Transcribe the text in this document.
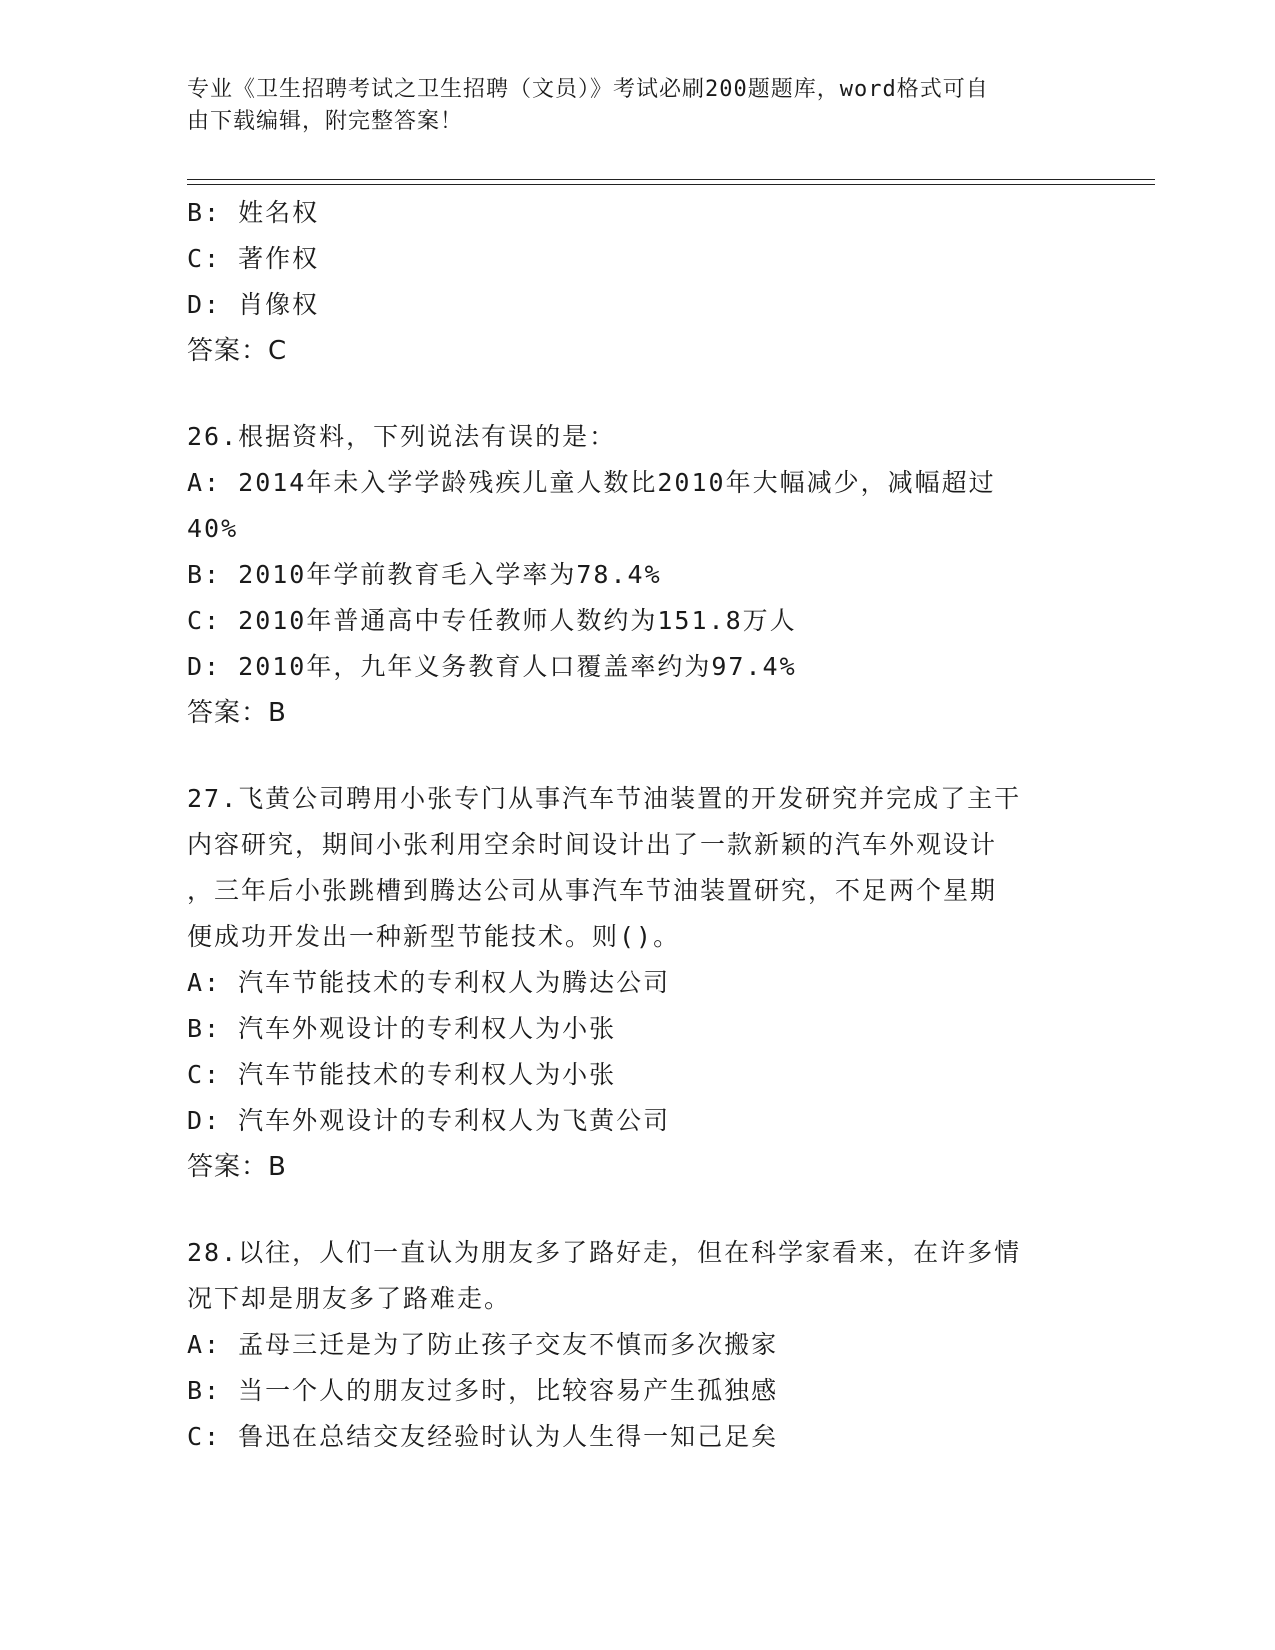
专业《卫生招聘考试之卫生招聘（文员）》考试必刷200题题库，word格式可自
由下载编辑，附完整答案！
B: 姓名权
C: 著作权
D: 肖像权
答案：C
26.根据资料，下列说法有误的是：
A: 2014年未入学学龄残疾儿童人数比2010年大幅减少，减幅超过
40%
B: 2010年学前教育毛入学率为78.4%
C: 2010年普通高中专任教师人数约为151.8万人
D: 2010年，九年义务教育人口覆盖率约为97.4%
答案：B
27.飞黄公司聘用小张专门从事汽车节油装置的开发研究并完成了主干
内容研究，期间小张利用空余时间设计出了一款新颖的汽车外观设计
，三年后小张跳槽到腾达公司从事汽车节油装置研究，不足两个星期
便成功开发出一种新型节能技术。则()。
A: 汽车节能技术的专利权人为腾达公司
B: 汽车外观设计的专利权人为小张
C: 汽车节能技术的专利权人为小张
D: 汽车外观设计的专利权人为飞黄公司
答案：B
28.以往，人们一直认为朋友多了路好走，但在科学家看来，在许多情
况下却是朋友多了路难走。
A: 孟母三迁是为了防止孩子交友不慎而多次搬家
B: 当一个人的朋友过多时，比较容易产生孤独感
C: 鲁迅在总结交友经验时认为人生得一知己足矣
